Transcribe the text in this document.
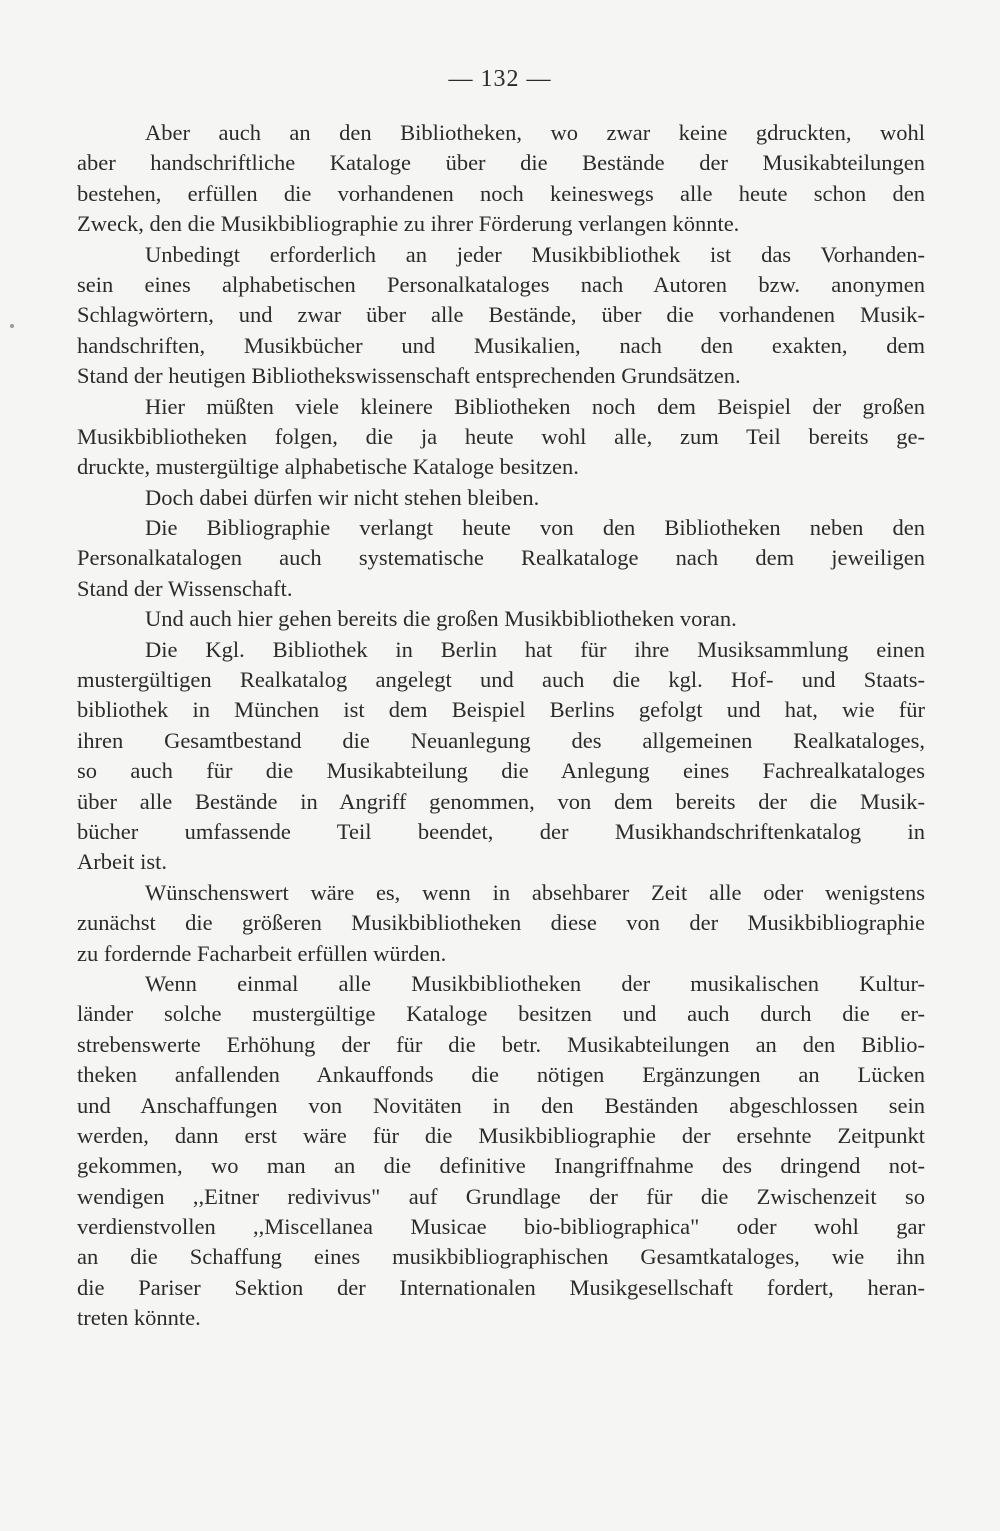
— 132 —
Aber auch an den Bibliotheken, wo zwar keine gdruckten, wohl
aber handschriftliche Kataloge über die Bestände der Musikabteilungen
bestehen, erfüllen die vorhandenen noch keineswegs alle heute schon den
Zweck, den die Musikbibliographie zu ihrer Förderung verlangen könnte.
Unbedingt erforderlich an jeder Musikbibliothek ist das Vorhanden-
sein eines alphabetischen Personalkataloges nach Autoren bzw. anonymen
Schlagwörtern, und zwar über alle Bestände, über die vorhandenen Musik-
handschriften, Musikbücher und Musikalien, nach den exakten, dem
Stand der heutigen Bibliothekswissenschaft entsprechenden Grundsätzen.
Hier müßten viele kleinere Bibliotheken noch dem Beispiel der großen
Musikbibliotheken folgen, die ja heute wohl alle, zum Teil bereits ge-
druckte, mustergültige alphabetische Kataloge besitzen.
Doch dabei dürfen wir nicht stehen bleiben.
Die Bibliographie verlangt heute von den Bibliotheken neben den
Personalkatalogen auch systematische Realkataloge nach dem jeweiligen
Stand der Wissenschaft.
Und auch hier gehen bereits die großen Musikbibliotheken voran.
Die Kgl. Bibliothek in Berlin hat für ihre Musiksammlung einen
mustergültigen Realkatalog angelegt und auch die kgl. Hof- und Staats-
bibliothek in München ist dem Beispiel Berlins gefolgt und hat, wie für
ihren Gesamtbestand die Neuanlegung des allgemeinen Realkataloges,
so auch für die Musikabteilung die Anlegung eines Fachrealkataloges
über alle Bestände in Angriff genommen, von dem bereits der die Musik-
bücher umfassende Teil beendet, der Musikhandschriftenkatalog in
Arbeit ist.
Wünschenswert wäre es, wenn in absehbarer Zeit alle oder wenigstens
zunächst die größeren Musikbibliotheken diese von der Musikbibliographie
zu fordernde Facharbeit erfüllen würden.
Wenn einmal alle Musikbibliotheken der musikalischen Kultur-
länder solche mustergültige Kataloge besitzen und auch durch die er-
strebenswerte Erhöhung der für die betr. Musikabteilungen an den Biblio-
theken anfallenden Ankauffonds die nötigen Ergänzungen an Lücken
und Anschaffungen von Novitäten in den Beständen abgeschlossen sein
werden, dann erst wäre für die Musikbibliographie der ersehnte Zeitpunkt
gekommen, wo man an die definitive Inangriffnahme des dringend not-
wendigen ,,Eitner redivivus" auf Grundlage der für die Zwischenzeit so
verdienstvollen ,,Miscellanea Musicae bio-bibliographica" oder wohl gar
an die Schaffung eines musikbibliographischen Gesamtkataloges, wie ihn
die Pariser Sektion der Internationalen Musikgesellschaft fordert, heran-
treten könnte.
